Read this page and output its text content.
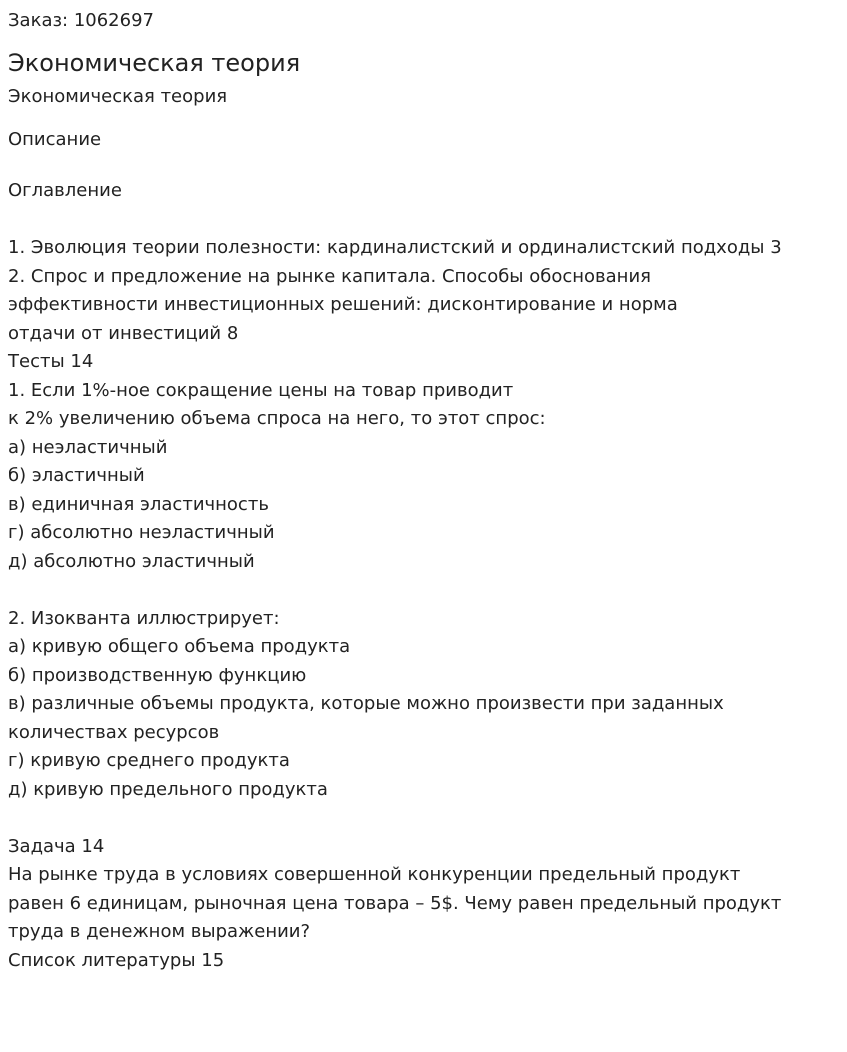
Заказ: 1062697

Экономическая теория

Экономическая теория

Описание

Оглавление
1. Эволюция теории полезности: кардиналистский и ординалистский подходы 3
2. Спрос и предложение на рынке капитала. Способы обоснования
эффективности инвестиционных решений: дисконтирование и норма
отдачи от инвестиций 8
Тесты 14
1. Если 1%-ное сокращение цены на товар приводит
к 2% увеличению объема спроса на него, то этот спрос:
а) неэластичный
б) эластичный
в) единичная эластичность
г) абсолютно неэластичный
д) абсолютно эластичный
2. Изокванта иллюстрирует:
а) кривую общего объема продукта
б) производственную функцию
в) различные объемы продукта, которые можно произвести при заданных
количествах ресурсов
г) кривую среднего продукта
д) кривую предельного продукта
Задача 14
На рынке труда в условиях совершенной конкуренции предельный продукт
равен 6 единицам, рыночная цена товара – 5$. Чему равен предельный продукт
труда в денежном выражении?
Список литературы 15
